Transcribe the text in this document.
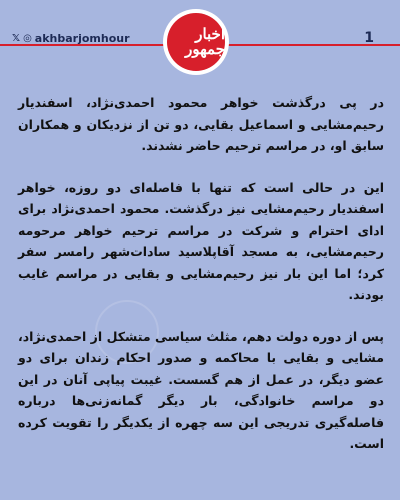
𝕏 ◎ akhbarjomhour	اخبار جمهور
1

در پی درگذشت خواهر محمود احمدی‌نژاد، اسفندیار رحیم‌مشایی و اسماعیل بقایی، دو تن از نزدیکان و همکاران سابق او، در مراسم ترحیم حاضر نشدند.

این در حالی است که تنها با فاصله‌ای دو روزه، خواهر اسفندیار رحیم‌مشایی نیز درگذشت. محمود احمدی‌نژاد برای ادای احترام و شرکت در مراسم ترحیم خواهر مرحومه رحیم‌مشایی، به مسجد آقاپلاسید سادات‌شهر رامسر سفر کرد؛ اما این بار نیز رحیم‌مشایی و بقایی در مراسم غایب بودند.

پس از دوره دولت دهم، مثلث سیاسی متشکل از احمدی‌نژاد، مشایی و بقایی با محاکمه و صدور احکام زندان برای دو عضو دیگر، در عمل از هم گسست. غیبت پیاپی آنان در این دو مراسم خانوادگی، بار دیگر گمانه‌زنی‌ها درباره فاصله‌گیری تدریجی این سه چهره از یکدیگر را تقویت کرده است.
